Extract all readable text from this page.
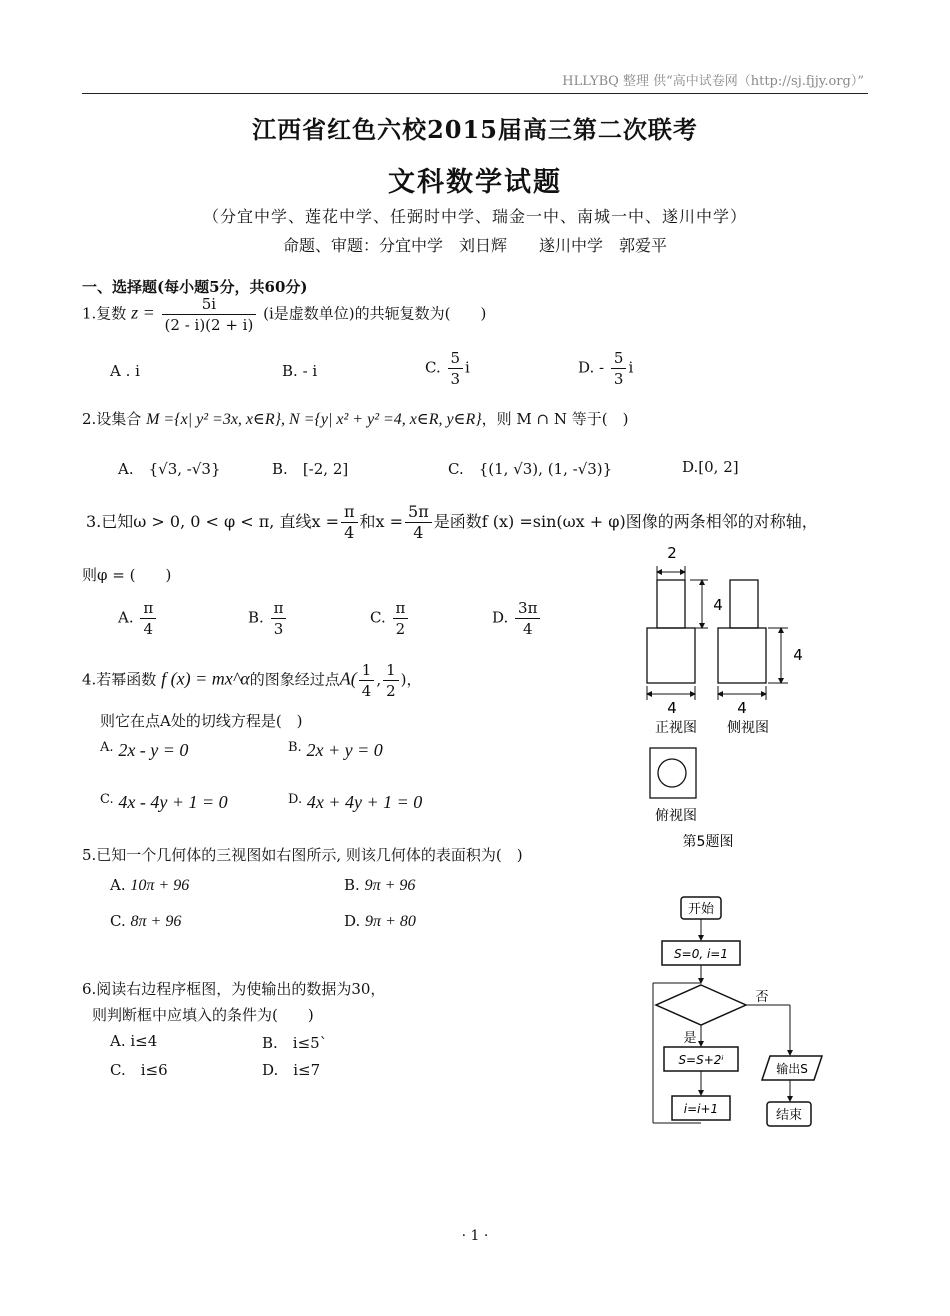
HLLYBQ 整理 供“高中试卷网（http://sj.fjjy.org）”
江西省红色六校2015届高三第二次联考
文科数学试题
（分宜中学、莲花中学、任弼时中学、瑞金一中、南城一中、遂川中学）
命题、审题：分宜中学　刘日辉　　遂川中学　郭爱平
一、选择题(每小题5分，共60分)
1.复数 $z = \frac{5i}{(2 - i)(2 + i)} (i$是虚数单位)的共轭复数为(　　)
A . i	B. - i	C. $\frac{5}{3}$ i	D. - $\frac{5}{3}$ i
2.设集合 M ={x| y² =3x, x∈R}, N ={y| x² + y² =4, x∈R, y∈R}，则 M ∩ N 等于(　)
A.　 {√3, -√3}	B.　 [-2, 2]	C.　 {(1, √3), (1, -√3)}	D.[0, 2]
3.已知ω > 0, 0 < φ < π, 直线$x = \frac{\pi}{4}$ 和$x = \frac{5\pi}{4}$ 是函数f (x) =sin(ωx + φ)图像的两条相邻的对称轴，
则φ = (　　)
A. $\frac{\pi}{4}$	B. $\frac{\pi}{3}$	C. $\frac{\pi}{2}$	D. $\frac{3\pi}{4}$
4.若幂函数 f (x) = mx^α的图象经过点$A( \frac{1}{4}$ , $\frac{1}{2}$ )，
则它在点A处的切线方程是(　)
A. 2x - y = 0	B. 2x + y = 0
C. 4x - 4y + 1 = 0	D. 4x + 4y + 1 = 0
5.已知一个几何体的三视图如右图所示, 则该几何体的表面积为(　)
A. 10π + 96	B. 9π + 96
C. 8π + 96	D. 9π + 80
6.阅读右边程序框图，为使输出的数据为30，
则判断框中应填入的条件为(　　)
A. i≤4	B.　i≤5`
C.　i≤6	D.　i≤7
2
4
正视图
4
4
4
侧视图
俯视图
第5题图
开始
S=0, i=1
否
是
S=S+2ⁱ
i=i+1
输出S
结束
· 1 ·
